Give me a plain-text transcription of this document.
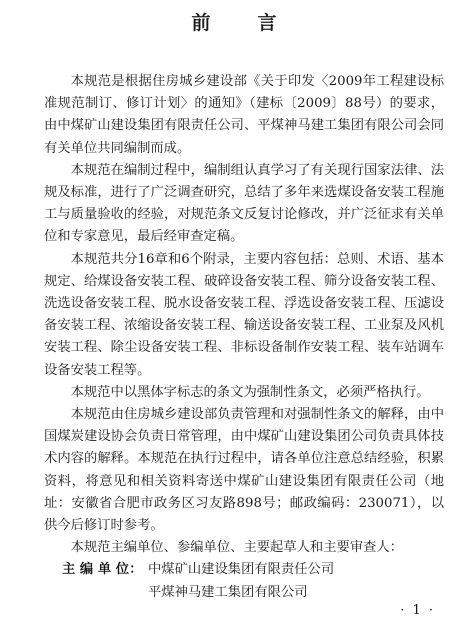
前　言

本规范是根据住房城乡建设部《关于印发〈2009年工程建设标准规范制订、修订计划〉的通知》（建标〔2009〕88号）的要求，由中煤矿山建设集团有限责任公司、平煤神马建工集团有限公司会同有关单位共同编制而成。

本规范在编制过程中，编制组认真学习了有关现行国家法律、法规及标准，进行了广泛调查研究，总结了多年来选煤设备安装工程施工与质量验收的经验，对规范条文反复讨论修改，并广泛征求有关单位和专家意见，最后经审查定稿。

本规范共分16章和6个附录，主要内容包括：总则、术语、基本规定、给煤设备安装工程、破碎设备安装工程、筛分设备安装工程、洗选设备安装工程、脱水设备安装工程、浮选设备安装工程、压滤设备安装工程、浓缩设备安装工程、输送设备安装工程、工业泵及风机安装工程、除尘设备安装工程、非标设备制作安装工程、装车站调车设备安装工程等。

本规范中以黑体字标志的条文为强制性条文，必须严格执行。

本规范由住房城乡建设部负责管理和对强制性条文的解释，由中国煤炭建设协会负责日常管理，由中煤矿山建设集团公司负责具体技术内容的解释。本规范在执行过程中，请各单位注意总结经验，积累资料，将意见和相关资料寄送中煤矿山建设集团有限责任公司（地址：安徽省合肥市政务区习友路898号；邮政编码：230071），以供今后修订时参考。

本规范主编单位、参编单位、主要起草人和主要审查人：

主 编 单 位： 中煤矿山建设集团有限责任公司
平煤神马建工集团有限公司
· 1 ·
